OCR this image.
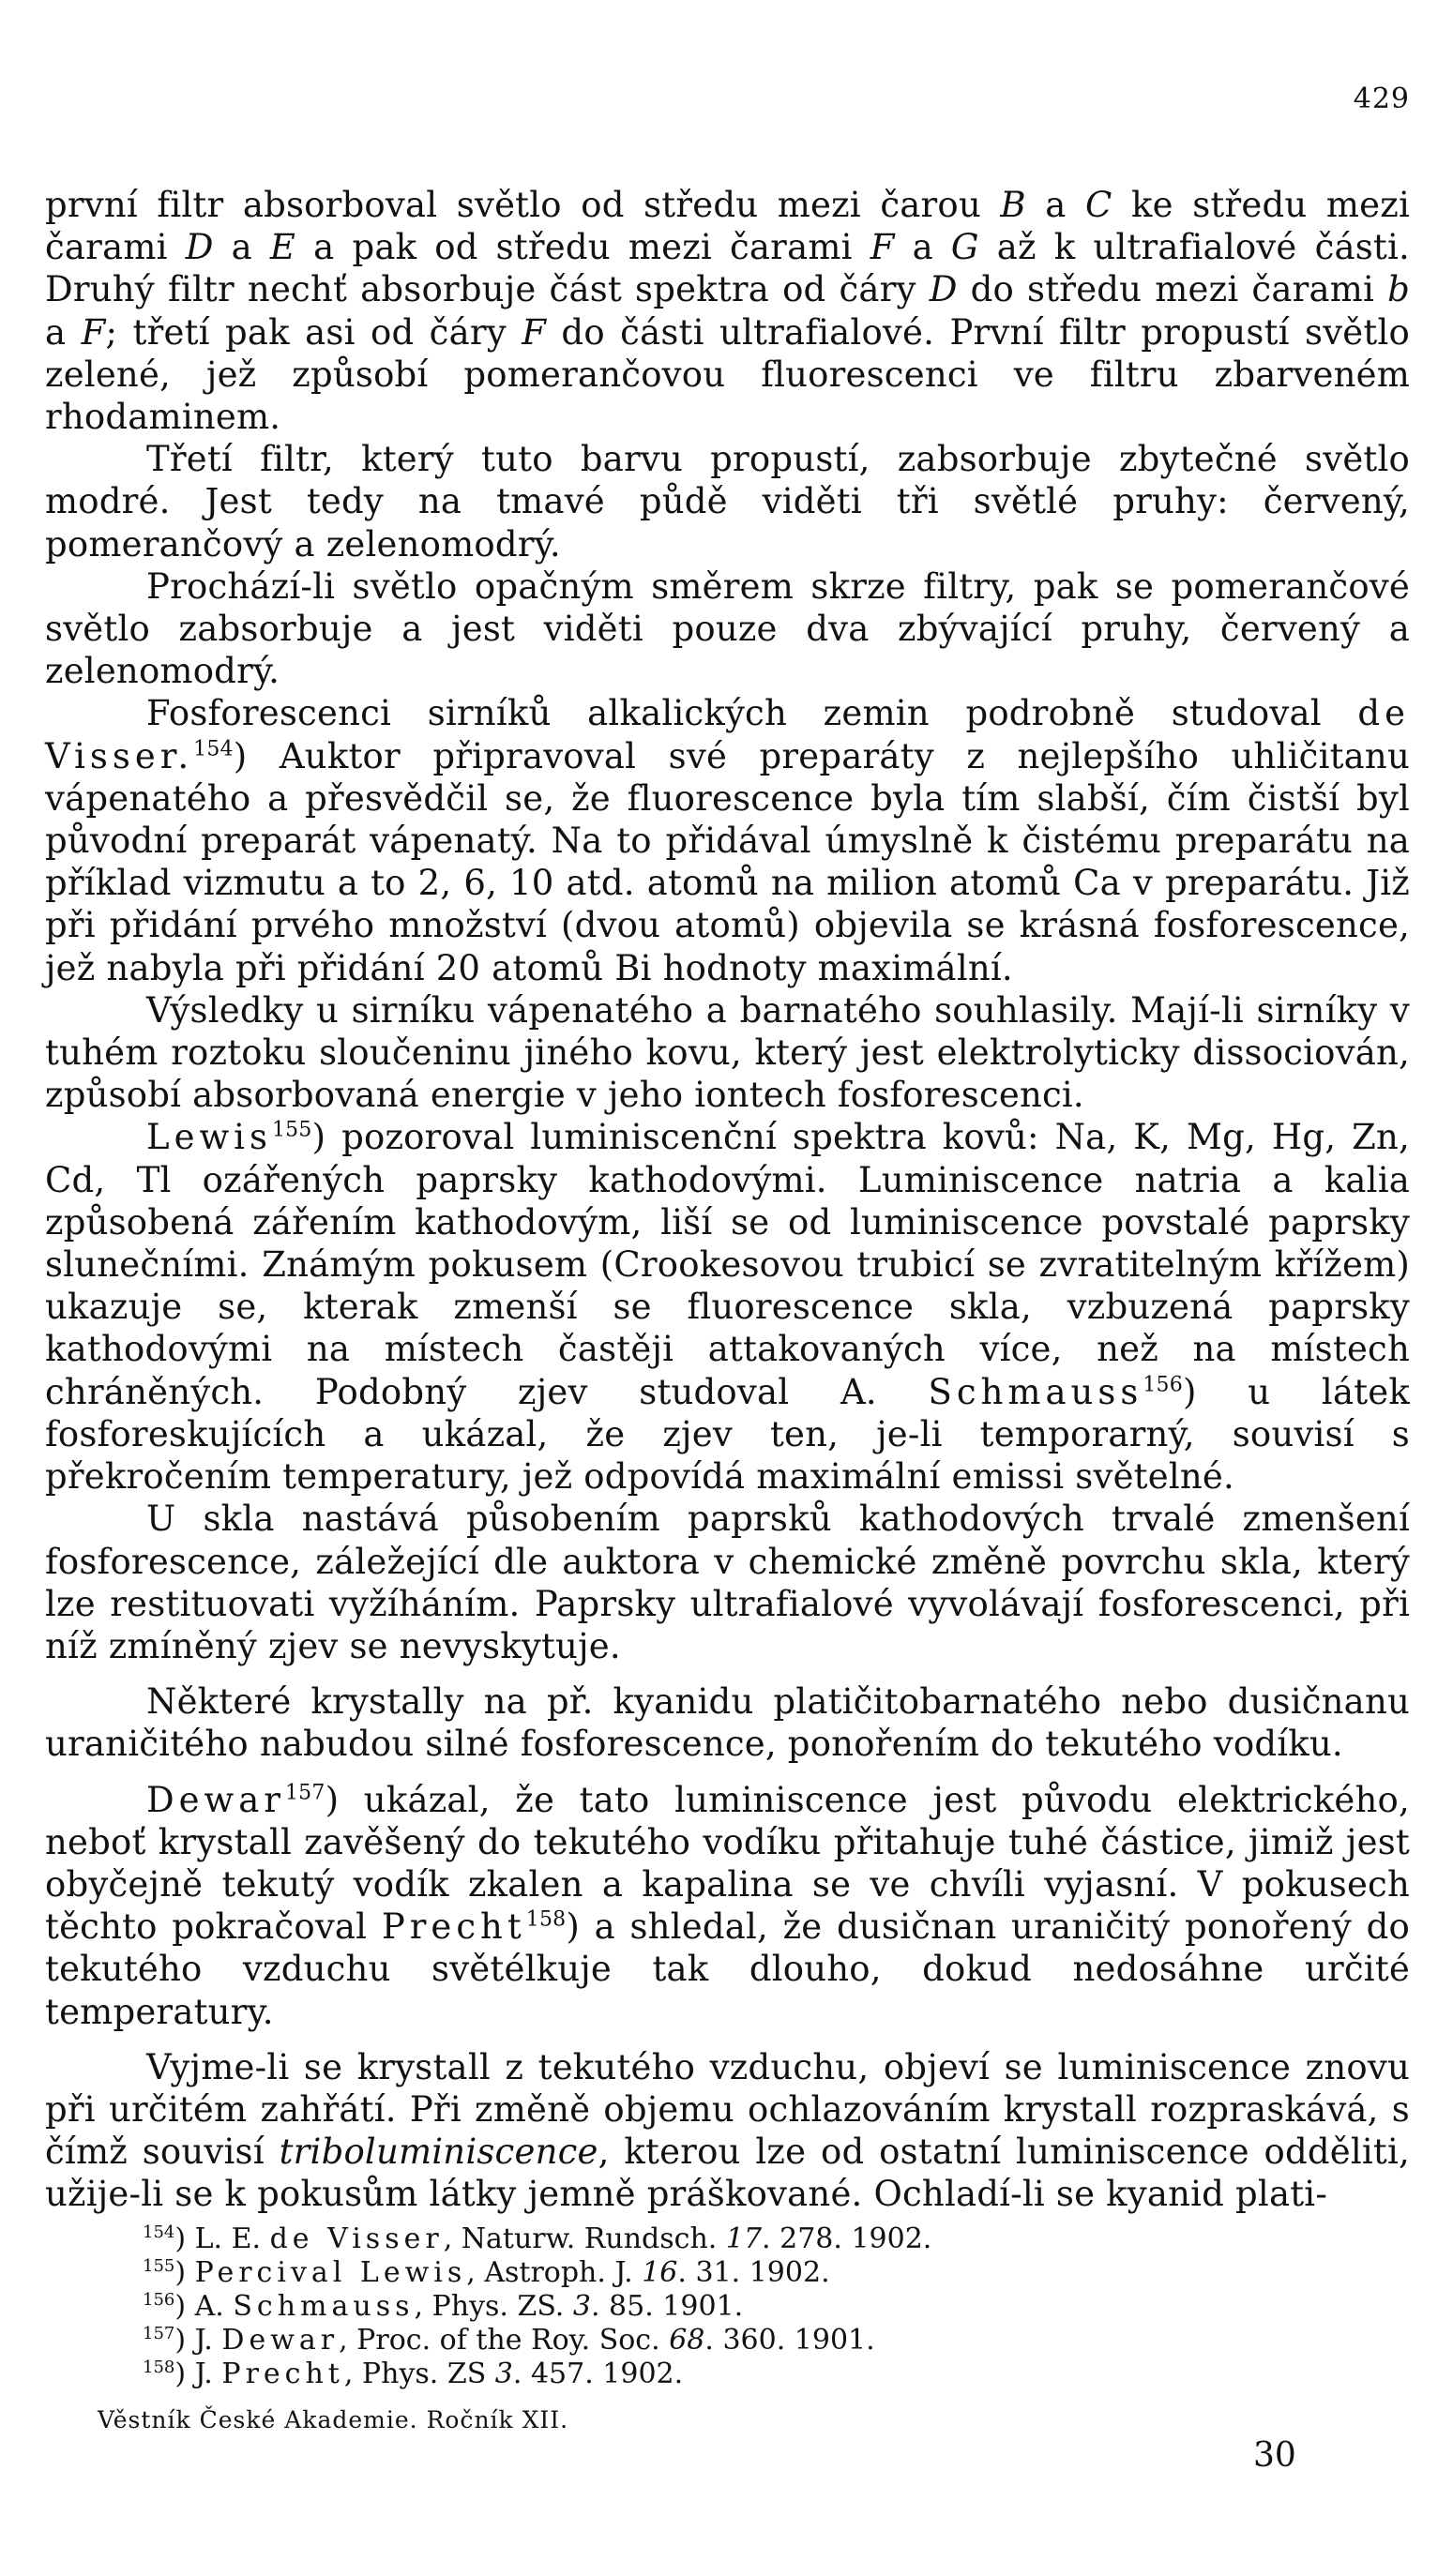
429

první filtr absorboval světlo od středu mezi čarou B a C ke středu mezi čarami D a E a pak od středu mezi čarami F a G až k ultrafialové části. Druhý filtr nechť absorbuje část spektra od čáry D do středu mezi čarami b a F; třetí pak asi od čáry F do části ultrafialové. První filtr propustí světlo zelené, jež způsobí pomerančovou fluorescenci ve filtru zbarveném rhodaminem.

Třetí filtr, který tuto barvu propustí, zabsorbuje zbytečné světlo modré. Jest tedy na tmavé půdě viděti tři světlé pruhy: červený, pomerančový a zelenomodrý.

Prochází-li světlo opačným směrem skrze filtry, pak se pomerančové světlo zabsorbuje a jest viděti pouze dva zbývající pruhy, červený a zelenomodrý.

Fosforescenci sirníků alkalických zemin podrobně studoval de Visser.$^{154}$) Auktor připravoval své preparáty z nejlepšího uhličitanu vápenatého a přesvědčil se, že fluorescence byla tím slabší, čím čistší byl původní preparát vápenatý. Na to přidával úmyslně k čistému preparátu na příklad vizmutu a to 2, 6, 10 atd. atomů na milion atomů Ca v preparátu. Již při přidání prvého množství (dvou atomů) objevila se krásná fosforescence, jež nabyla při přidání 20 atomů Bi hodnoty maximální.

Výsledky u sirníku vápenatého a barnatého souhlasily. Mají-li sirníky v tuhém roztoku sloučeninu jiného kovu, který jest elektrolyticky dissociován, způsobí absorbovaná energie v jeho iontech fosforescenci.

Lewis$^{155}$) pozoroval luminiscenční spektra kovů: Na, K, Mg, Hg, Zn, Cd, Tl ozářených paprsky kathodovými. Luminiscence natria a kalia způsobená zářením kathodovým, liší se od luminiscence povstalé paprsky slunečními. Známým pokusem (Crookesovou trubicí se zvratitelným křížem) ukazuje se, kterak zmenší se fluorescence skla, vzbuzená paprsky kathodovými na místech častěji attakovaných více, než na místech chráněných. Podobný zjev studoval A. Schmauss$^{156}$) u látek fosforeskujících a ukázal, že zjev ten, je-li temporarný, souvisí s překročením temperatury, jež odpovídá maximální emissi světelné.

U skla nastává působením paprsků kathodových trvalé zmenšení fosforescence, záležející dle auktora v chemické změně povrchu skla, který lze restituovati vyžíháním. Paprsky ultrafialové vyvolávají fosforescenci, při níž zmíněný zjev se nevyskytuje.

Některé krystally na př. kyanidu platičitobarnatého nebo dusičnanu uraničitého nabudou silné fosforescence, ponořením do tekutého vodíku.

Dewar$^{157}$) ukázal, že tato luminiscence jest původu elektrického, neboť krystall zavěšený do tekutého vodíku přitahuje tuhé částice, jimiž jest obyčejně tekutý vodík zkalen a kapalina se ve chvíli vyjasní. V pokusech těchto pokračoval Precht$^{158}$) a shledal, že dusičnan uraničitý ponořený do tekutého vzduchu světélkuje tak dlouho, dokud nedosáhne určité temperatury.

Vyjme-li se krystall z tekutého vzduchu, objeví se luminiscence znovu při určitém zahřátí. Při změně objemu ochlazováním krystall rozpraskává, s čímž souvisí triboluminiscence, kterou lze od ostatní luminiscence odděliti, užije-li se k pokusům látky jemně práškované. Ochladí-li se kyanid plati-

$^{154}$) L. E. de Visser, Naturw. Rundsch. 17. 278. 1902.
$^{155}$) Percival Lewis, Astroph. J. 16. 31. 1902.
$^{156}$) A. Schmauss, Phys. ZS. 3. 85. 1901.
$^{157}$) J. Dewar, Proc. of the Roy. Soc. 68. 360. 1901.
$^{158}$) J. Precht, Phys. ZS 3. 457. 1902.
Věstník České Akademie. Ročník XII.
30
